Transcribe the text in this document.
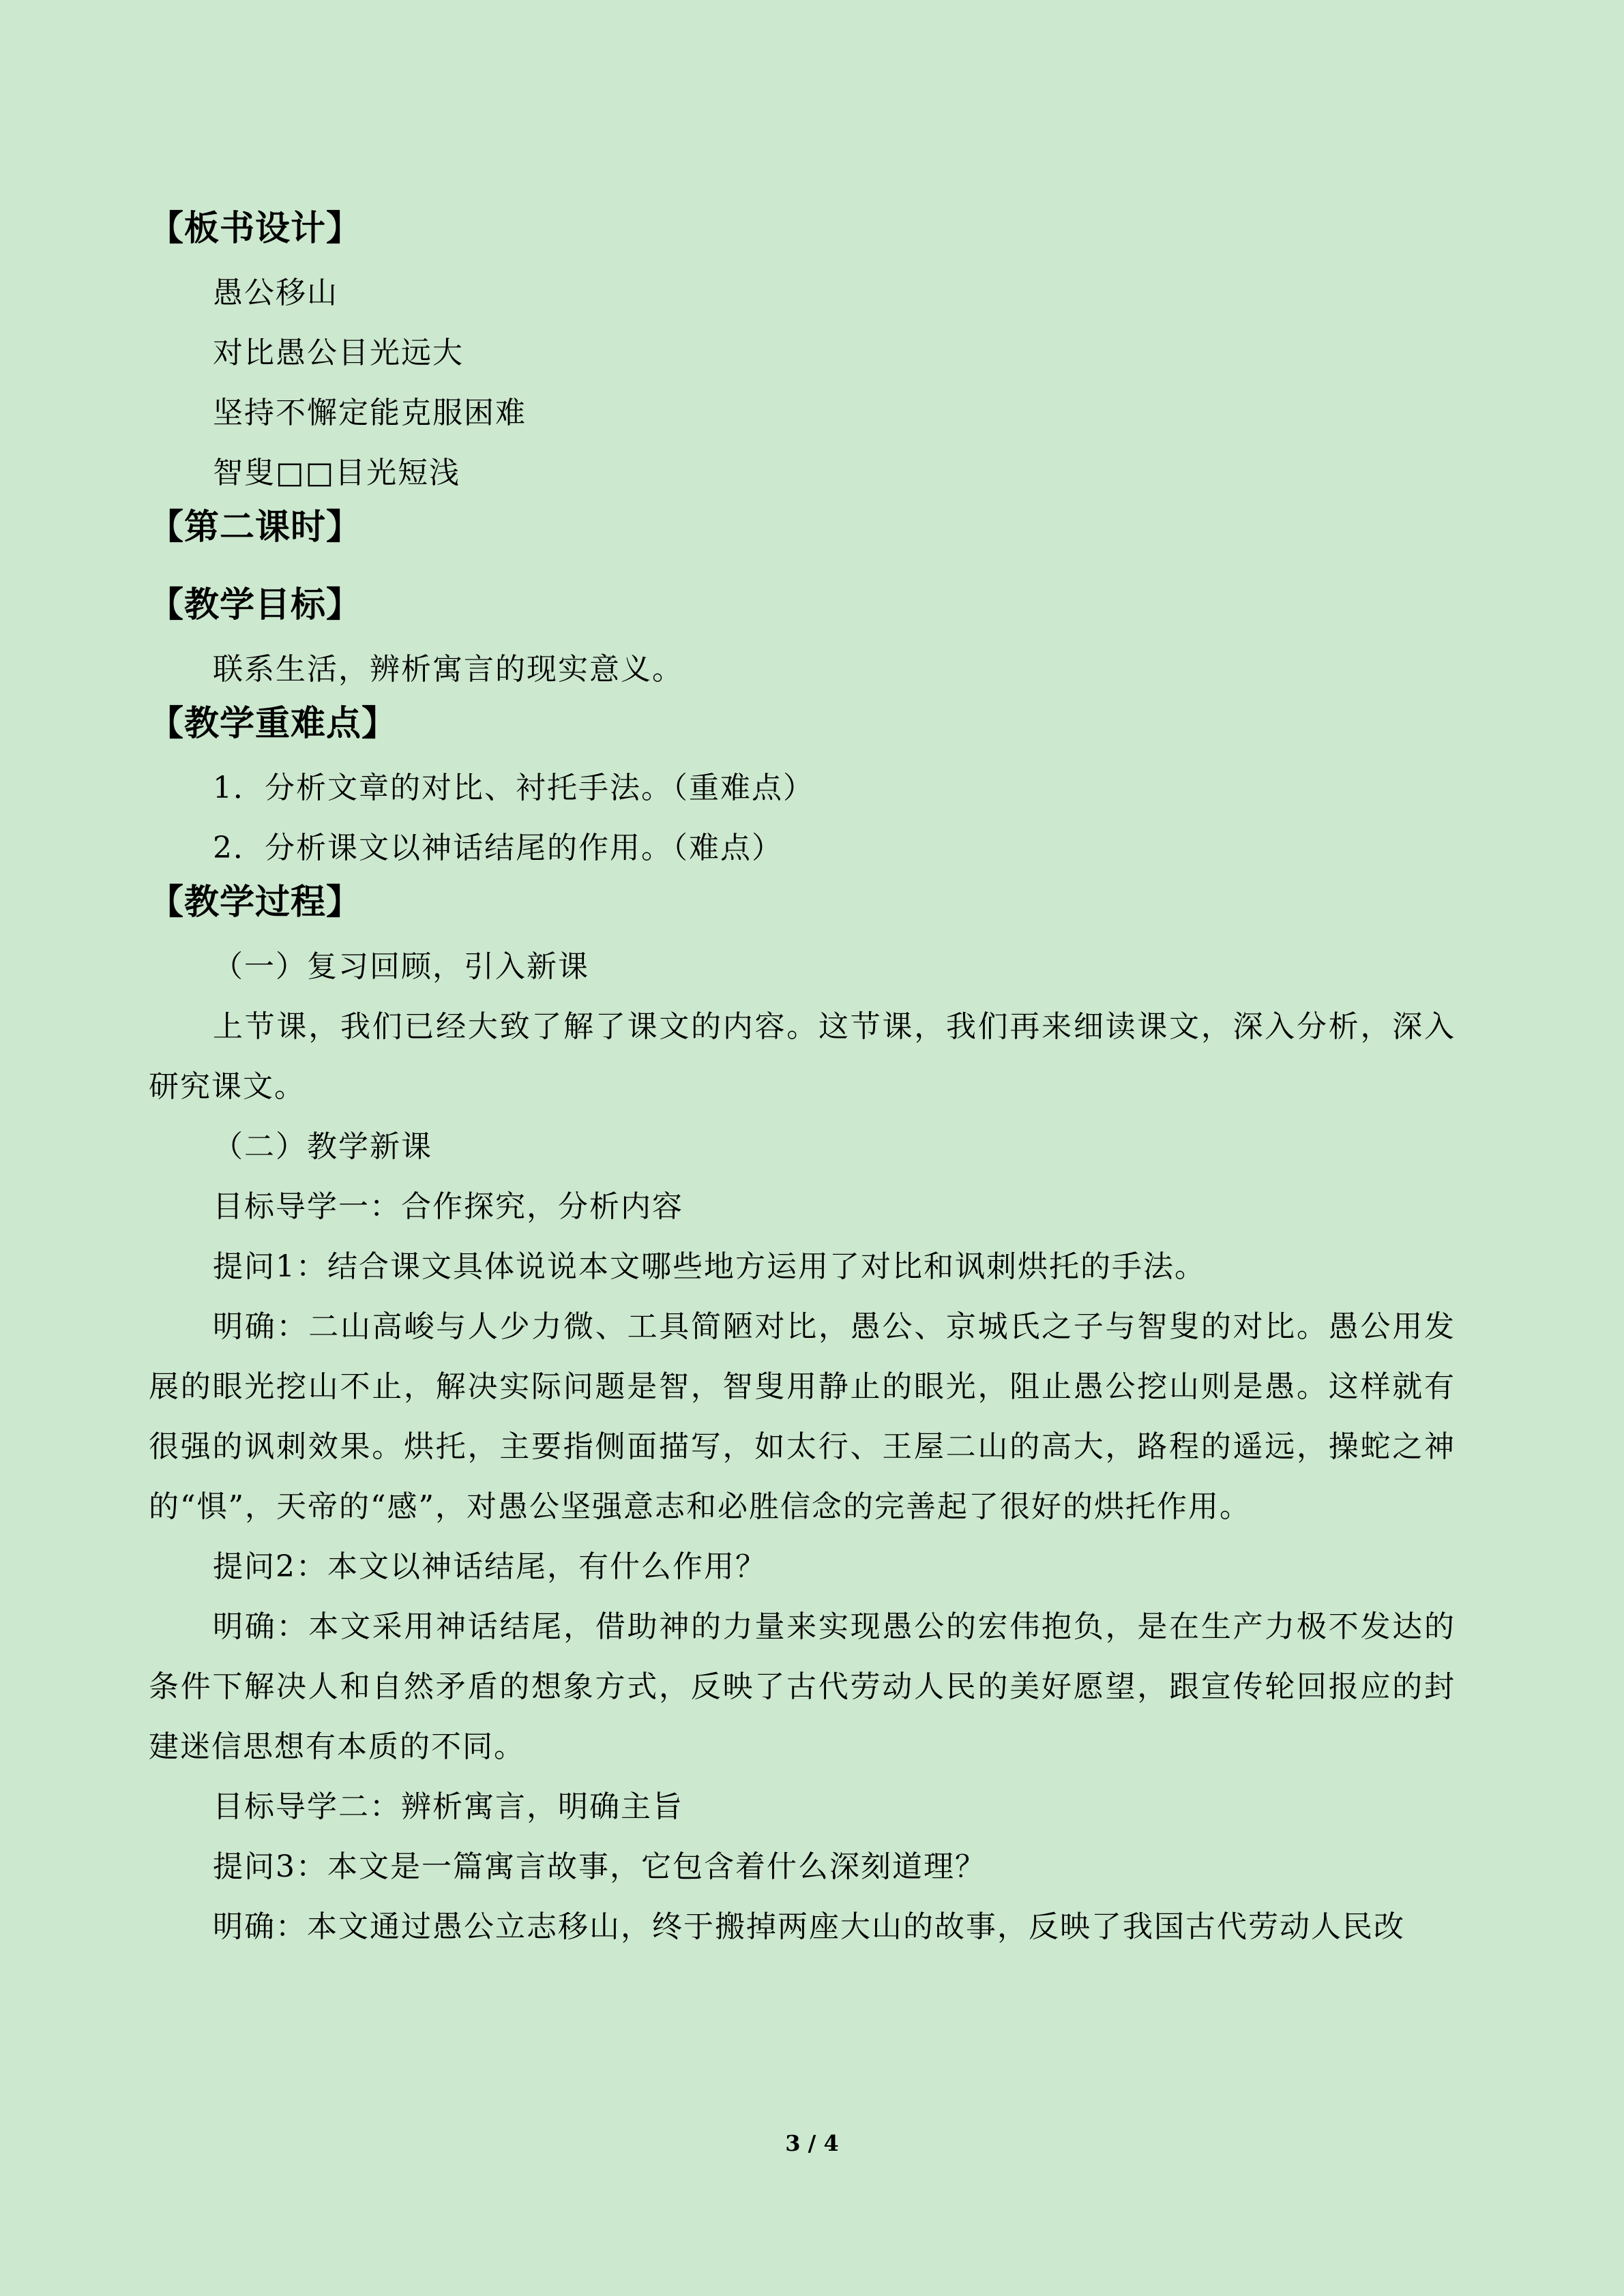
【板书设计】

愚公移山

对比愚公目光远大

坚持不懈定能克服困难

智叟□□目光短浅

【第二课时】
【教学目标】

联系生活，辨析寓言的现实意义。

【教学重难点】

1．分析文章的对比、衬托手法。（重难点）

2．分析课文以神话结尾的作用。（难点）

【教学过程】

（一）复习回顾，引入新课

上节课，我们已经大致了解了课文的内容。这节课，我们再来细读课文，深入分析，深入研究课文。

（二）教学新课

目标导学一：合作探究，分析内容

提问1：结合课文具体说说本文哪些地方运用了对比和讽刺烘托的手法。

明确：二山高峻与人少力微、工具简陋对比，愚公、京城氏之子与智叟的对比。愚公用发展的眼光挖山不止，解决实际问题是智，智叟用静止的眼光，阻止愚公挖山则是愚。这样就有很强的讽刺效果。烘托，主要指侧面描写，如太行、王屋二山的高大，路程的遥远，操蛇之神的“惧”，天帝的“感”，对愚公坚强意志和必胜信念的完善起了很好的烘托作用。

提问2：本文以神话结尾，有什么作用？

明确：本文采用神话结尾，借助神的力量来实现愚公的宏伟抱负，是在生产力极不发达的条件下解决人和自然矛盾的想象方式，反映了古代劳动人民的美好愿望，跟宣传轮回报应的封建迷信思想有本质的不同。

目标导学二：辨析寓言，明确主旨

提问3：本文是一篇寓言故事，它包含着什么深刻道理？

明确：本文通过愚公立志移山，终于搬掉两座大山的故事，反映了我国古代劳动人民改

3 / 4
